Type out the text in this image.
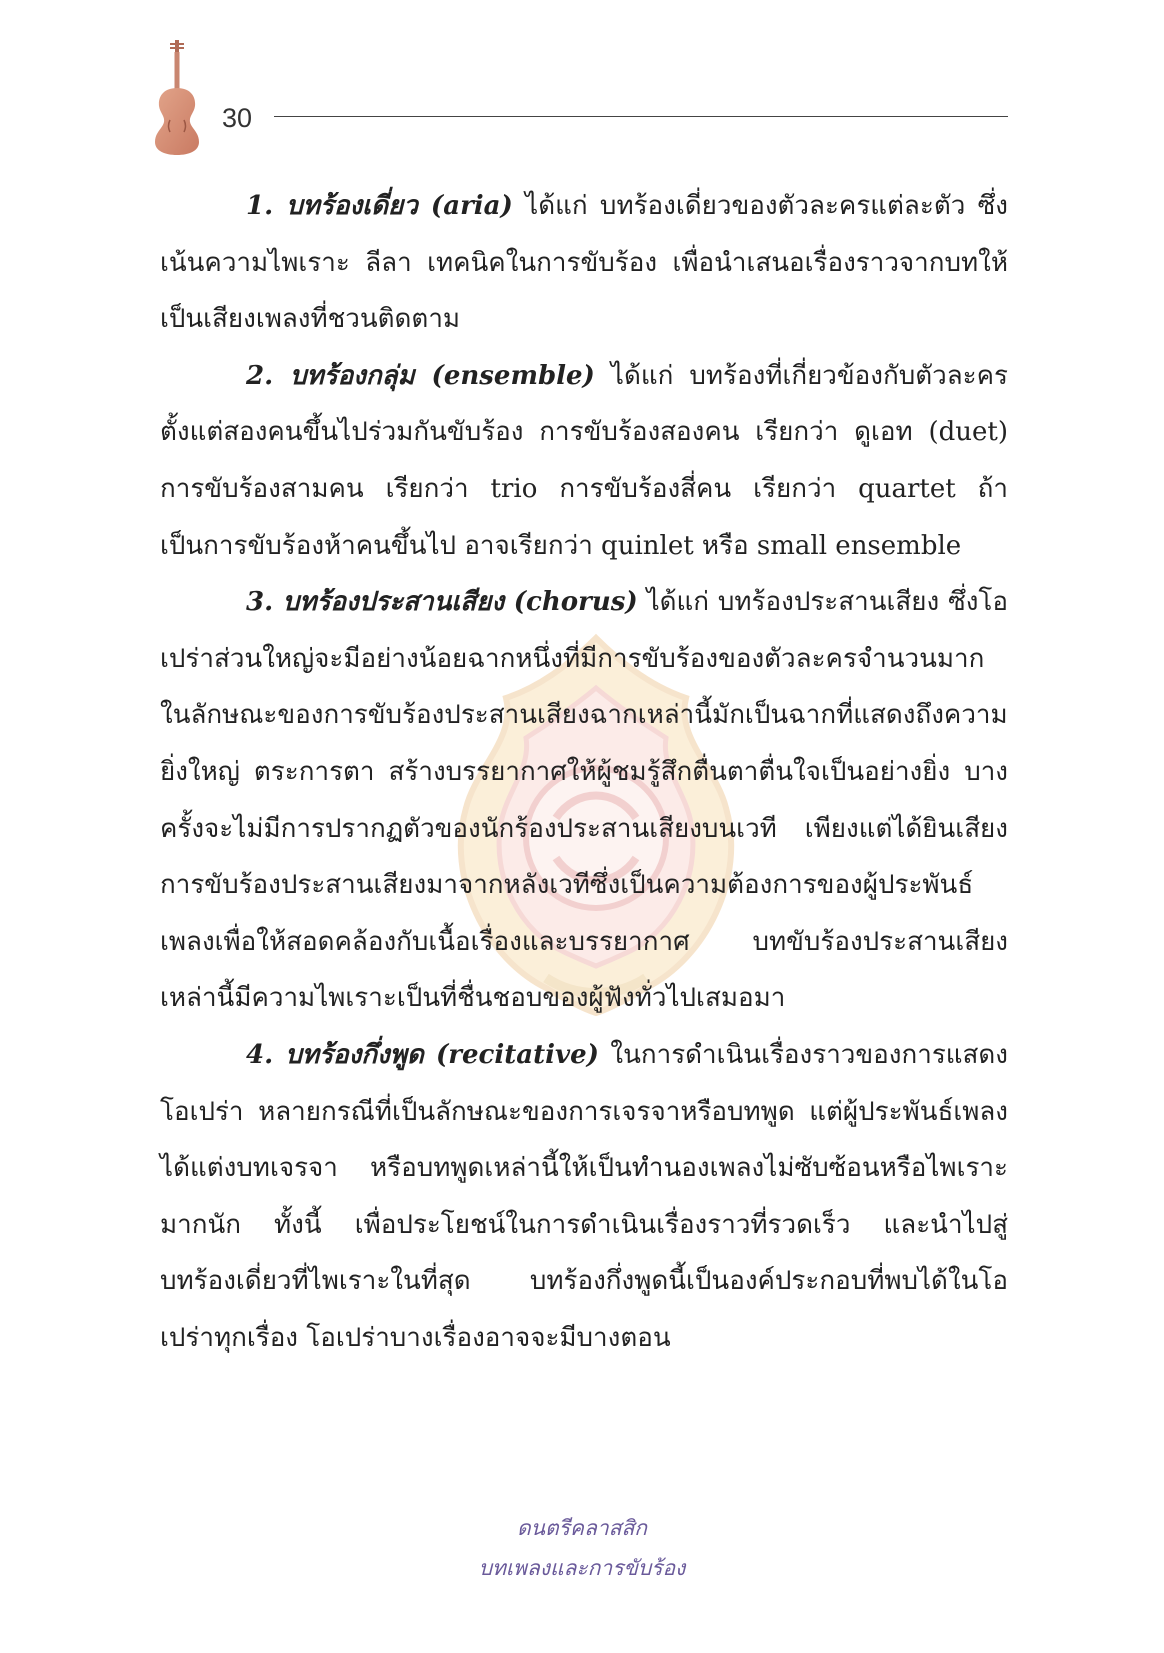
30

1. บทร้องเดี่ยว (aria) ได้แก่ บทร้องเดี่ยวของตัวละครแต่ละตัว ซึ่งเน้นความไพเราะ ลีลา เทคนิคในการขับร้อง เพื่อนำเสนอเรื่องราวจากบทให้เป็นเสียงเพลงที่ชวนติดตาม

2. บทร้องกลุ่ม (ensemble) ได้แก่ บทร้องที่เกี่ยวข้องกับตัวละครตั้งแต่สองคนขึ้นไปร่วมกันขับร้อง การขับร้องสองคน เรียกว่า ดูเอท (duet) การขับร้องสามคน เรียกว่า trio การขับร้องสี่คน เรียกว่า quartet ถ้าเป็นการขับร้องห้าคนขึ้นไป อาจเรียกว่า quinlet หรือ small ensemble

3. บทร้องประสานเสียง (chorus) ได้แก่ บทร้องประสานเสียง ซึ่งโอเปร่าส่วนใหญ่จะมีอย่างน้อยฉากหนึ่งที่มีการขับร้องของตัวละครจำนวนมากในลักษณะของการขับร้องประสานเสียงฉากเหล่านี้มักเป็นฉากที่แสดงถึงความยิ่งใหญ่ ตระการตา สร้างบรรยากาศให้ผู้ชมรู้สึกตื่นตาตื่นใจเป็นอย่างยิ่ง บางครั้งจะไม่มีการปรากฏตัวของนักร้องประสานเสียงบนเวที เพียงแต่ได้ยินเสียงการขับร้องประสานเสียงมาจากหลังเวทีซึ่งเป็นความต้องการของผู้ประพันธ์เพลงเพื่อให้สอดคล้องกับเนื้อเรื่องและบรรยากาศ บทขับร้องประสานเสียงเหล่านี้มีความไพเราะเป็นที่ชื่นชอบของผู้ฟังทั่วไปเสมอมา

4. บทร้องกึ่งพูด (recitative) ในการดำเนินเรื่องราวของการแสดงโอเปร่า หลายกรณีที่เป็นลักษณะของการเจรจาหรือบทพูด แต่ผู้ประพันธ์เพลงได้แต่งบทเจรจา หรือบทพูดเหล่านี้ให้เป็นทำนองเพลงไม่ซับซ้อนหรือไพเราะมากนัก ทั้งนี้ เพื่อประโยชน์ในการดำเนินเรื่องราวที่รวดเร็ว และนำไปสู่บทร้องเดี่ยวที่ไพเราะในที่สุด บทร้องกึ่งพูดนี้เป็นองค์ประกอบที่พบได้ในโอเปร่าทุกเรื่อง โอเปร่าบางเรื่องอาจจะมีบางตอน

ดนตรีคลาสสิก
บทเพลงและการขับร้อง
